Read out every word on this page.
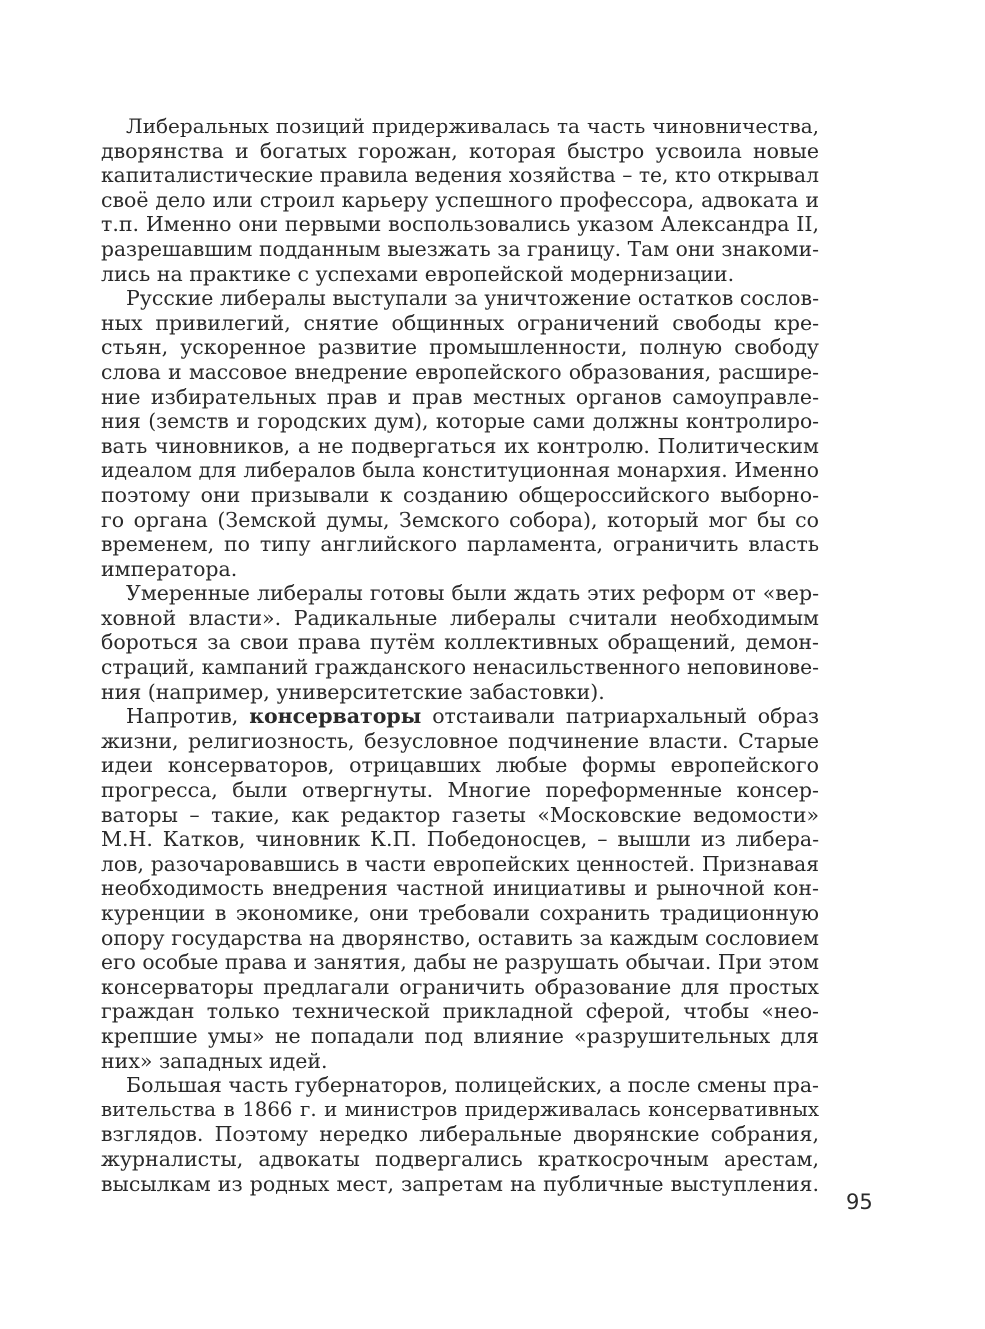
Либеральных позиций придерживалась та часть чиновничества,
дворянства и богатых горожан, которая быстро усвоила новые
капиталистические правила ведения хозяйства – те, кто открывал
своё дело или строил карьеру успешного профессора, адвоката и
т.п. Именно они первыми воспользовались указом Александра II,
разрешавшим подданным выезжать за границу. Там они знакоми-
лись на практике с успехами европейской модернизации.
Русские либералы выступали за уничтожение остатков сослов-
ных привилегий, снятие общинных ограничений свободы кре-
стьян, ускоренное развитие промышленности, полную свободу
слова и массовое внедрение европейского образования, расшире-
ние избирательных прав и прав местных органов самоуправле-
ния (земств и городских дум), которые сами должны контролиро-
вать чиновников, а не подвергаться их контролю. Политическим
идеалом для либералов была конституционная монархия. Именно
поэтому они призывали к созданию общероссийского выборно-
го органа (Земской думы, Земского собора), который мог бы со
временем, по типу английского парламента, ограничить власть
императора.
Умеренные либералы готовы были ждать этих реформ от «вер-
ховной власти». Радикальные либералы считали необходимым
бороться за свои права путём коллективных обращений, демон-
страций, кампаний гражданского ненасильственного неповинове-
ния (например, университетские забастовки).
Напротив, консерваторы отстаивали патриархальный образ
жизни, религиозность, безусловное подчинение власти. Старые
идеи консерваторов, отрицавших любые формы европейского
прогресса, были отвергнуты. Многие пореформенные консер-
ваторы – такие, как редактор газеты «Московские ведомости»
М.Н. Катков, чиновник К.П. Победоносцев, – вышли из либера-
лов, разочаровавшись в части европейских ценностей. Признавая
необходимость внедрения частной инициативы и рыночной кон-
куренции в экономике, они требовали сохранить традиционную
опору государства на дворянство, оставить за каждым сословием
его особые права и занятия, дабы не разрушать обычаи. При этом
консерваторы предлагали ограничить образование для простых
граждан только технической прикладной сферой, чтобы «нео-
крепшие умы» не попадали под влияние «разрушительных для
них» западных идей.
Большая часть губернаторов, полицейских, а после смены пра-
вительства в 1866 г. и министров придерживалась консервативных
взглядов. Поэтому нередко либеральные дворянские собрания,
журналисты, адвокаты подвергались краткосрочным арестам,
высылкам из родных мест, запретам на публичные выступления.
95
